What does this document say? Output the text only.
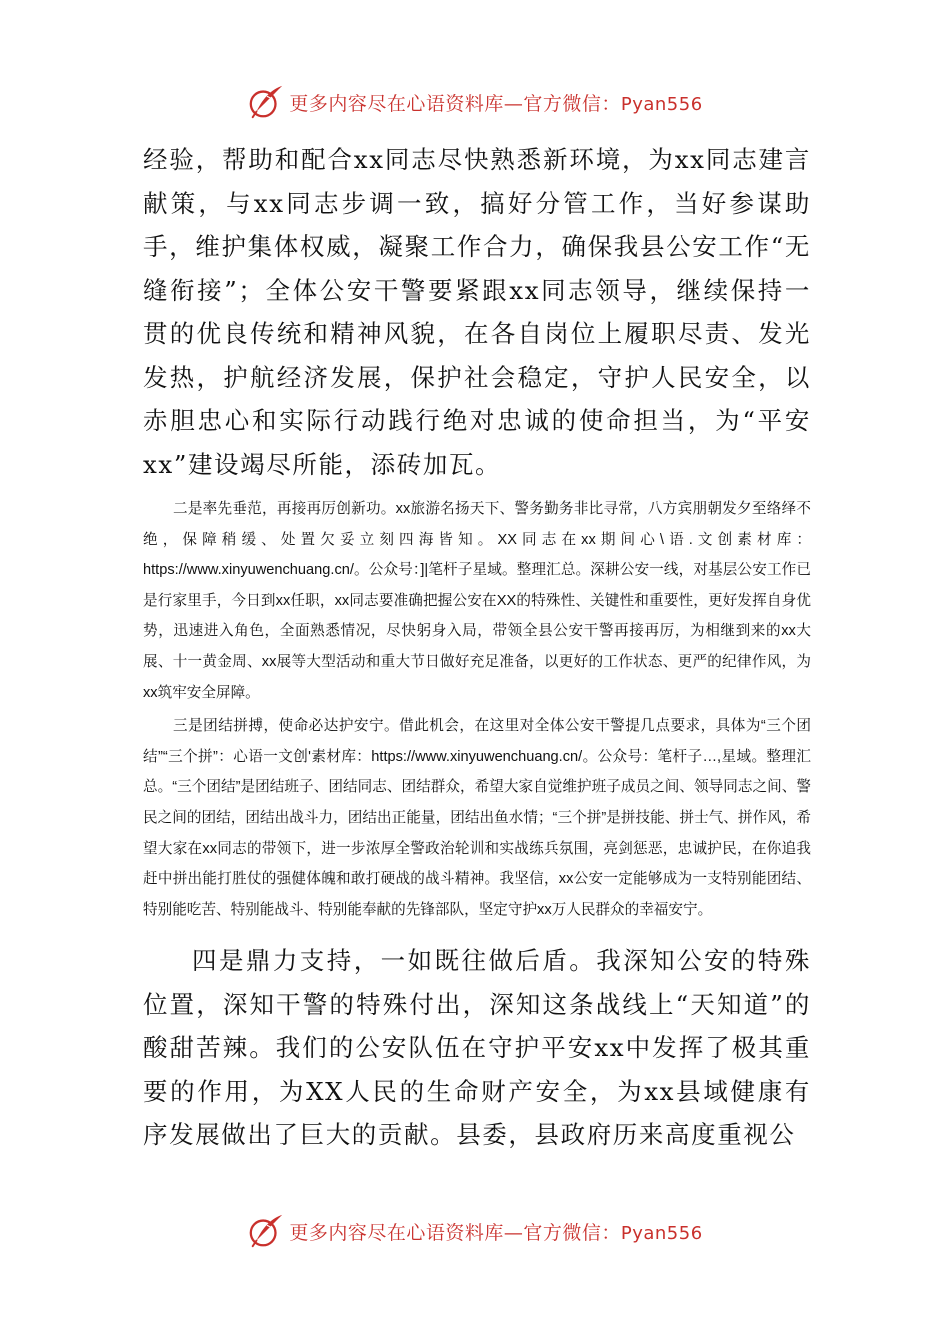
更多内容尽在心语资料库—官方微信：Pyan556

经验，帮助和配合xx同志尽快熟悉新环境，为xx同志建言献策，与xx同志步调一致，搞好分管工作，当好参谋助手，维护集体权威，凝聚工作合力，确保我县公安工作“无缝衔接”；全体公安干警要紧跟xx同志领导，继续保持一贯的优良传统和精神风貌，在各自岗位上履职尽责、发光发热，护航经济发展，保护社会稳定，守护人民安全，以赤胆忠心和实际行动践行绝对忠诚的使命担当，为“平安xx”建设竭尽所能，添砖加瓦。

二是率先垂范，再接再厉创新功。xx旅游名扬天下、警务勤务非比寻常，八方宾朋朝发夕至络绎不绝，保障稍缓、处置欠妥立刻四海皆知。XX同志在xx期间心\语.文创素材库：https://www.xinyuwenchuang.cn/。公众号：]|笔杆子星域。整理汇总。深耕公安一线，对基层公安工作已是行家里手，今日到xx任职，xx同志要准确把握公安在XX的特殊性、关键性和重要性，更好发挥自身优势，迅速进入角色，全面熟悉情况，尽快躬身入局，带领全县公安干警再接再厉，为相继到来的xx大展、十一黄金周、xx展等大型活动和重大节日做好充足准备，以更好的工作状态、更严的纪律作风，为xx筑牢安全屏障。

三是团结拼搏，使命必达护安宁。借此机会，在这里对全体公安干警提几点要求，具体为“三个团结”“三个拼”：心语一文创'素材库：https://www.xinyuwenchuang.cn/。公众号：笔杆子…,星域。整理汇总。“三个团结”是团结班子、团结同志、团结群众，希望大家自觉维护班子成员之间、领导同志之间、警民之间的团结，团结出战斗力，团结出正能量，团结出鱼水情；“三个拼”是拼技能、拼士气、拼作风，希望大家在xx同志的带领下，进一步浓厚全警政治轮训和实战练兵氛围，亮剑惩恶，忠诚护民，在你追我赶中拼出能打胜仗的强健体魄和敢打硬战的战斗精神。我坚信，xx公安一定能够成为一支特别能团结、特别能吃苦、特别能战斗、特别能奉献的先锋部队，坚定守护xx万人民群众的幸福安宁。

四是鼎力支持，一如既往做后盾。我深知公安的特殊位置，深知干警的特殊付出，深知这条战线上“天知道”的酸甜苦辣。我们的公安队伍在守护平安xx中发挥了极其重要的作用，为XX人民的生命财产安全，为xx县域健康有序发展做出了巨大的贡献。县委，县政府历来高度重视公

更多内容尽在心语资料库—官方微信：Pyan556
